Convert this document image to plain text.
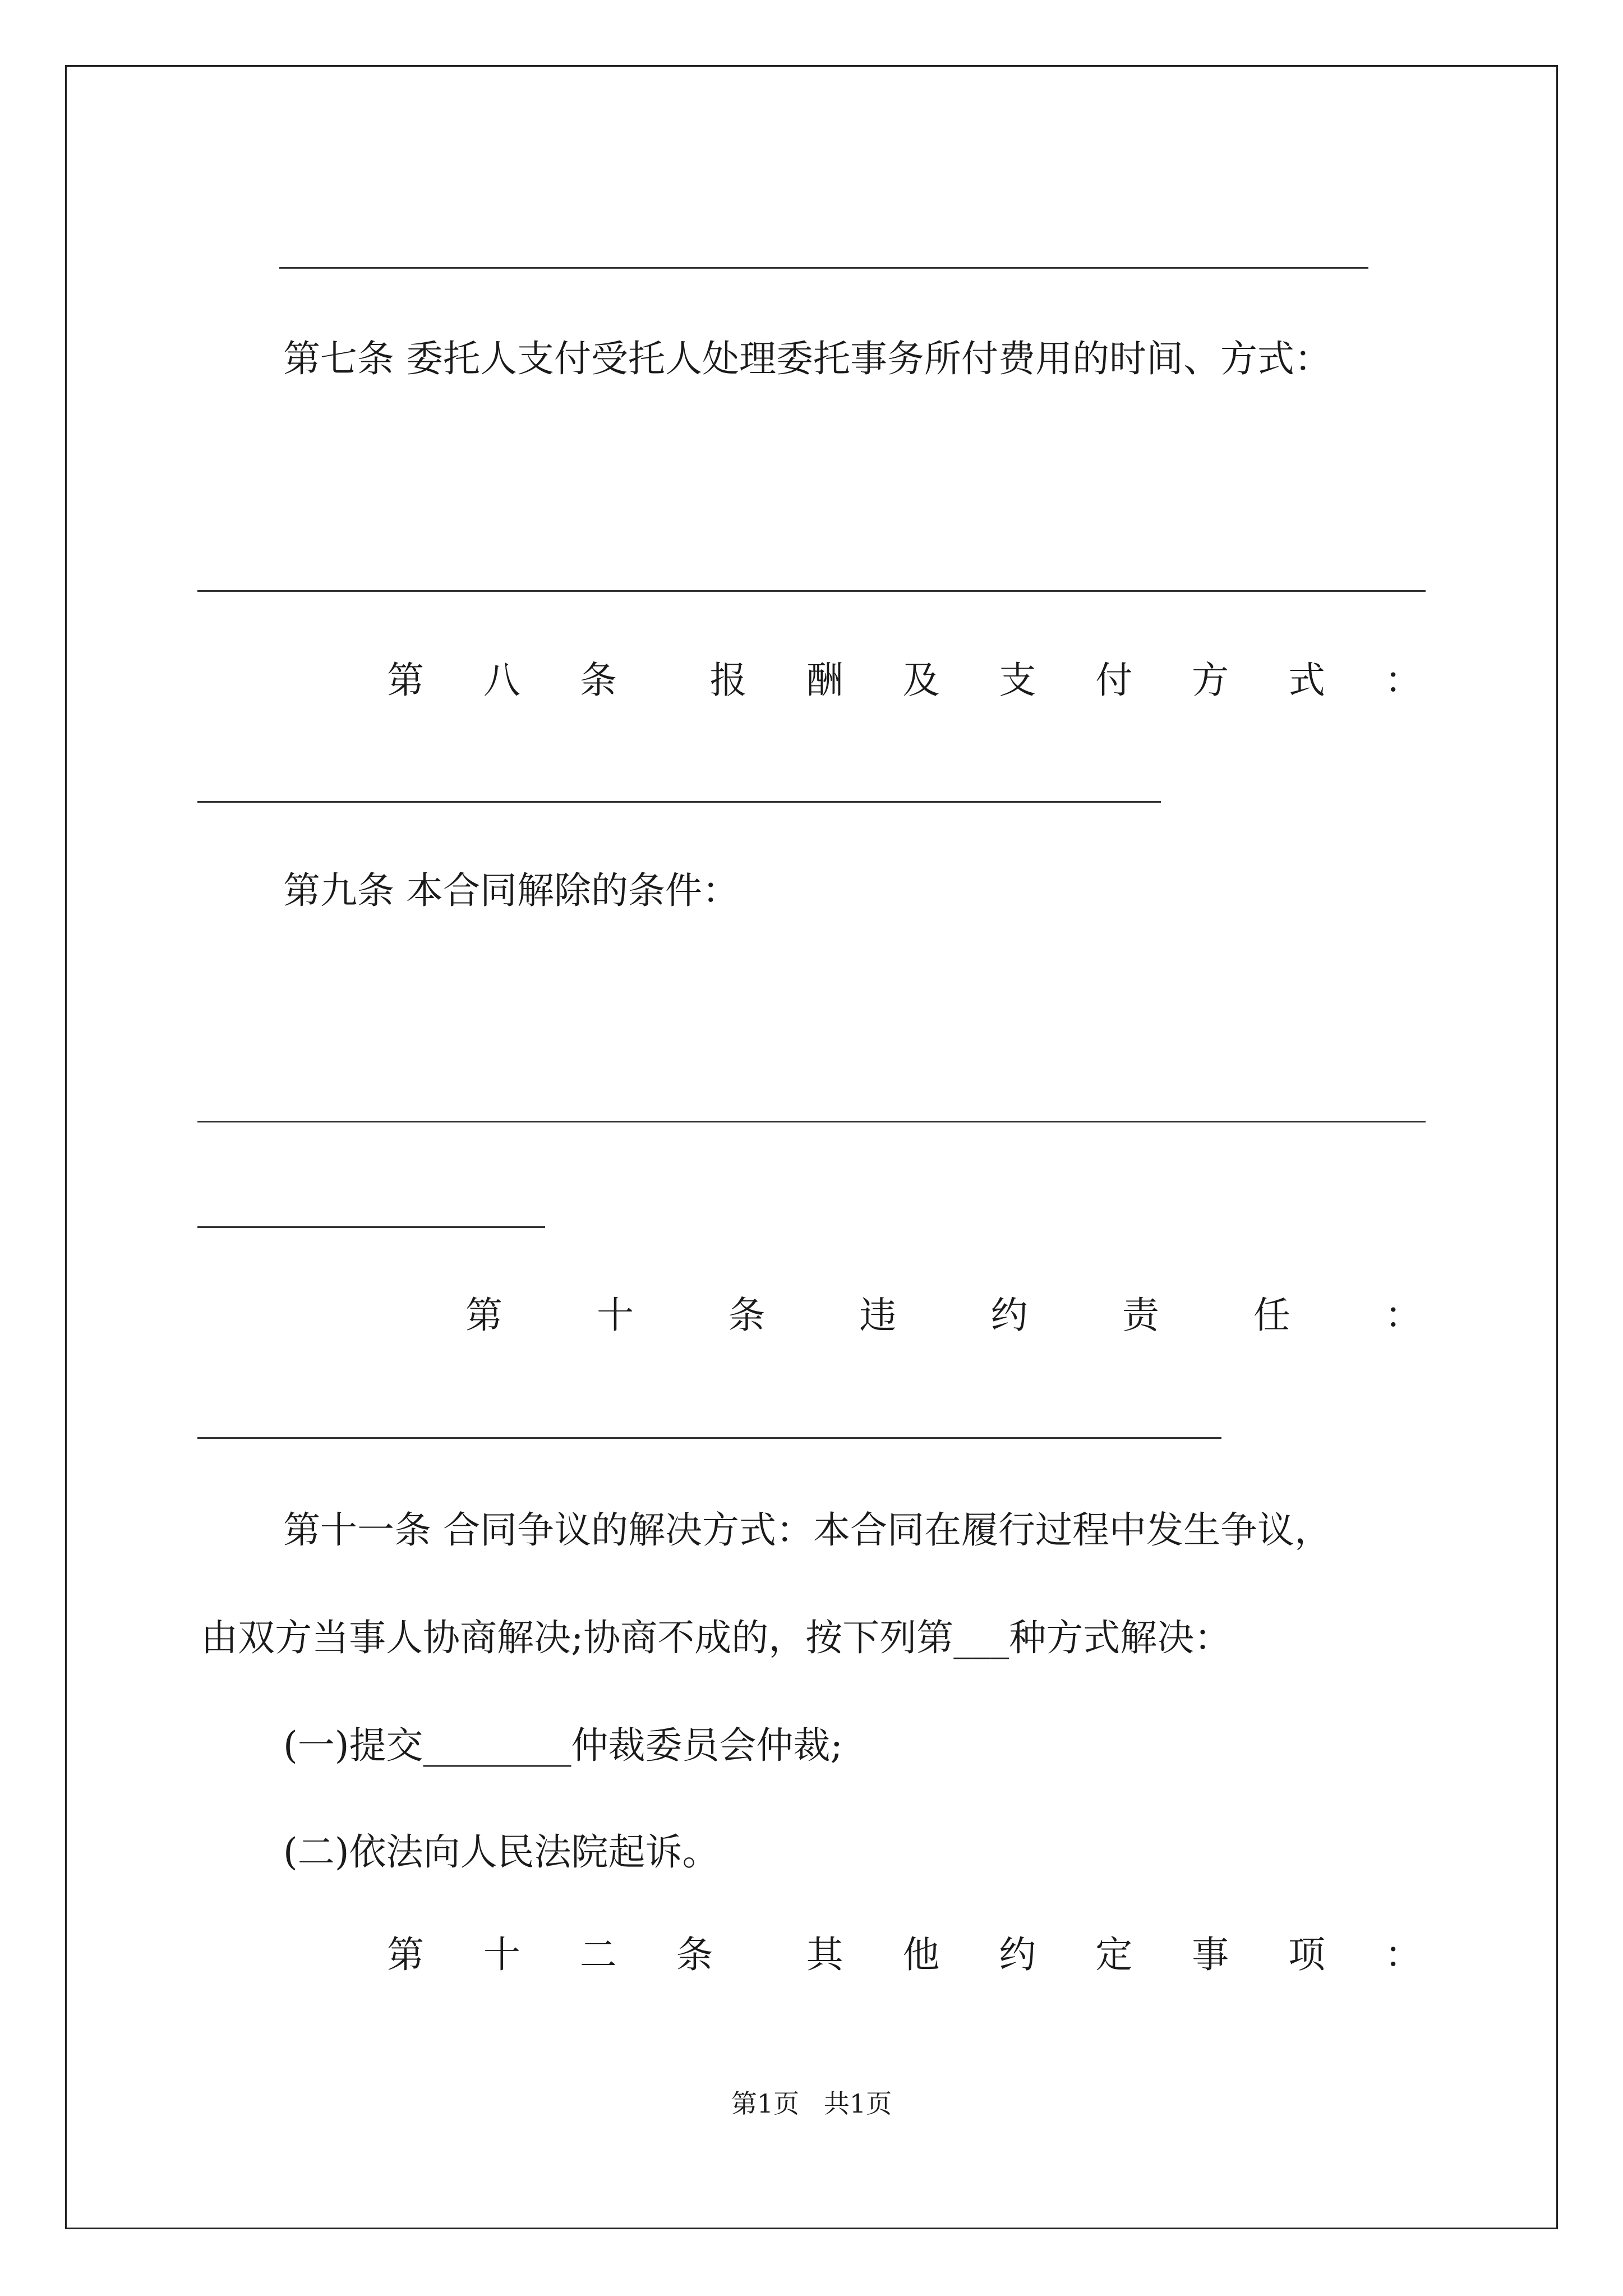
第七条 委托人支付受托人处理委托事务所付费用的时间、方式：
第 八 条	报 酬 及 支 付 方 式 ：
第九条 本合同解除的条件：
第	十	条	违	约	责	任	：
第十一条 合同争议的解决方式：本合同在履行过程中发生争议，
由双方当事人协商解决;协商不成的，按下列第___种方式解决：
(一)提交________仲裁委员会仲裁;
(二)依法向人民法院起诉。
第 十 二 条	其 他 约 定 事 项 ：
第1页   共1页
